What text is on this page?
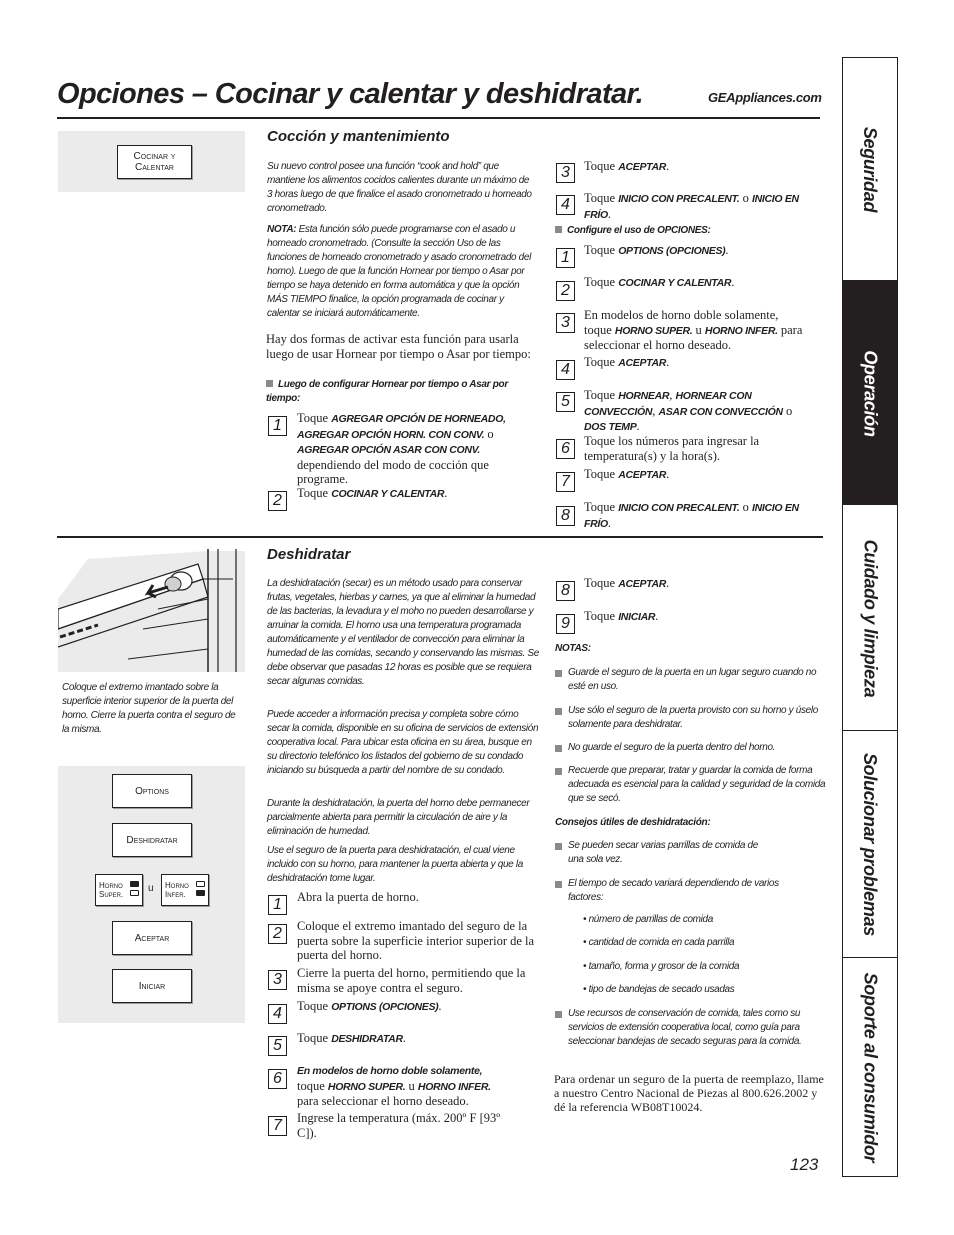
Opciones – Cocinar y calentar y deshidratar.	GEAppliances.com
Seguridad
Operación
Cuidado y limpieza
Solucionar problemas
Soporte al consumidor
Cocinar y
Calentar
Cocción y mantenimiento
Su nuevo control posee una función “cook and hold” que mantiene los alimentos cocidos calientes durante un máximo de 3 horas luego de que finalice el asado cronometrado u horneado cronometrado.
NOTA: Esta función sólo puede programarse con el asado u horneado cronometrado. (Consulte la sección Uso de las funciones de horneado cronometrado y asado cronometrado del horno). Luego de que la función Hornear por tiempo o Asar por tiempo se haya detenido en forma automática y que la opción MÁS TIEMPO finalice, la opción programada de cocinar y calentar se iniciará automáticamente.
Hay dos formas de activar esta función para usarla luego de usar Hornear por tiempo o Asar por tiempo:
Luego de configurar Hornear por tiempo o Asar por tiempo:
1	Toque AGREGAR OPCIÓN DE HORNEADO, AGREGAR OPCIÓN HORN. CON CONV. o AGREGAR OPCIÓN ASAR CON CONV. dependiendo del modo de cocción que programe.
2	Toque COCINAR Y CALENTAR.
3	Toque ACEPTAR.
4	Toque INICIO CON PRECALENT. o INICIO EN FRÍO.
Configure el uso de OPCIONES:
1	Toque OPTIONS (OPCIONES).
2	Toque COCINAR Y CALENTAR.
3	En modelos de horno doble solamente, toque HORNO SUPER. u HORNO INFER. para seleccionar el horno deseado.
4	Toque ACEPTAR.
5	Toque HORNEAR, HORNEAR CON CONVECCIÓN, ASAR CON CONVECCIÓN o DOS TEMP.
6	Toque los números para ingresar la temperatura(s) y la hora(s).
7	Toque ACEPTAR.
8	Toque INICIO CON PRECALENT. o INICIO EN FRÍO.
Coloque el extremo imantado sobre la superficie interior superior de la puerta del horno. Cierre la puerta contra el seguro de la misma.
Options
Deshidratar
Horno
Super.
u Horno
Infer.
Aceptar
Iniciar
Deshidratar
La deshidratación (secar) es un método usado para conservar frutas, vegetales, hierbas y carnes, ya que al eliminar la humedad de las bacterias, la levadura y el moho no pueden desarrollarse y arruinar la comida. El horno usa una temperatura programada automáticamente y el ventilador de convección para eliminar la humedad de las comidas, secando y conservando las mismas. Se debe observar que pasadas 12 horas es posible que se requiera secar algunas comidas.
Puede acceder a información precisa y completa sobre cómo secar la comida, disponible en su oficina de servicios de extensión cooperativa local. Para ubicar esta oficina en su área, busque en su directorio telefónico los listados del gobierno de su condado iniciando su búsqueda a partir del nombre de su condado.
Durante la deshidratación, la puerta del horno debe permanecer parcialmente abierta para permitir la circulación de aire y la eliminación de humedad.
Use el seguro de la puerta para deshidratación, el cual viene incluido con su horno, para mantener la puerta abierta y que la deshidratación tome lugar.
1	Abra la puerta de horno.
2	Coloque el extremo imantado del seguro de la puerta sobre la superficie interior superior de la puerta del horno.
3	Cierre la puerta del horno, permitiendo que la misma se apoye contra el seguro.
4	Toque OPTIONS (OPCIONES).
5	Toque DESHIDRATAR.
6	En modelos de horno doble solamente, toque HORNO SUPER. u HORNO INFER. para seleccionar el horno deseado.
7	Ingrese la temperatura (máx. 200º F [93º C]).
8	Toque ACEPTAR.
9	Toque INICIAR.
NOTAS:
Guarde el seguro de la puerta en un lugar seguro cuando no esté en uso.
Use sólo el seguro de la puerta provisto con su horno y úselo solamente para deshidratar.
No guarde el seguro de la puerta dentro del horno.
Recuerde que preparar, tratar y guardar la comida de forma adecuada es esencial para la calidad y seguridad de la comida que se secó.
Consejos útiles de deshidratación:
Se pueden secar varias parrillas de comida de una sola vez.
El tiempo de secado variará dependiendo de varios factores:
• número de parrillas de comida
• cantidad de comida en cada parrilla
• tamaño, forma y grosor de la comida
• tipo de bandejas de secado usadas
Use recursos de conservación de comida, tales como su servicios de extensión cooperativa local, como guía para seleccionar bandejas de secado seguras para la comida.
Para ordenar un seguro de la puerta de reemplazo, llame a nuestro Centro Nacional de Piezas al 800.626.2002 y dé la referencia WB08T10024.
123
